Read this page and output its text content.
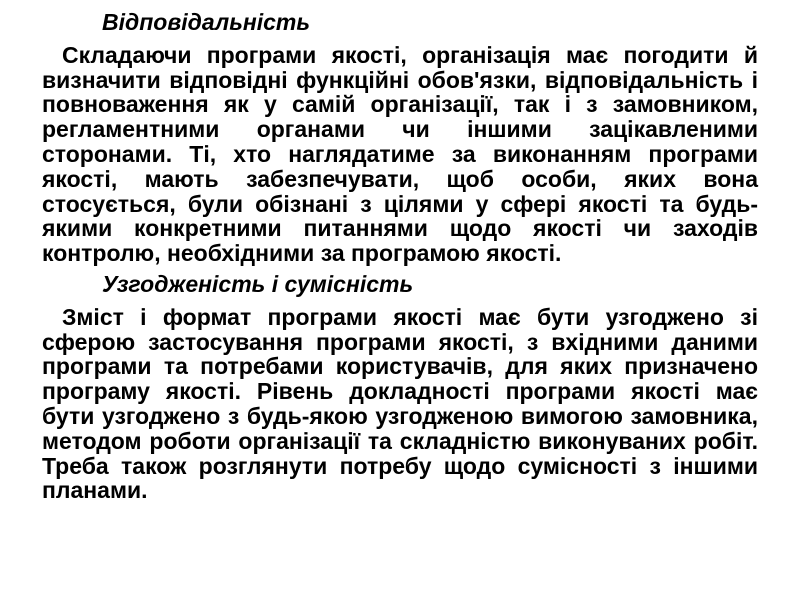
Відповідальність

Складаючи програми якості, організація має погодити й визначити відповідні функційні обов'язки, відповідальність і повноваження як у самій організації, так і з замовником, регламентними органами чи іншими зацікавленими сторонами. Ті, хто наглядатиме за виконанням програми якості, мають забезпечувати, щоб особи, яких вона стосується, були обізнані з цілями у сфері якості та будь-якими конкретними питаннями щодо якості чи заходів контролю, необхідними за програмою якості.

Узгодженість і сумісність

Зміст і формат програми якості має бути узгоджено зі сферою застосування програми якості, з вхідними даними програми та потребами користувачів, для яких призначено програму якості. Рівень докладності програми якості має бути узгоджено з будь-якою узгодженою вимогою замовника, методом роботи організації та складністю виконуваних робіт. Треба також розглянути потребу щодо сумісності з іншими планами.
